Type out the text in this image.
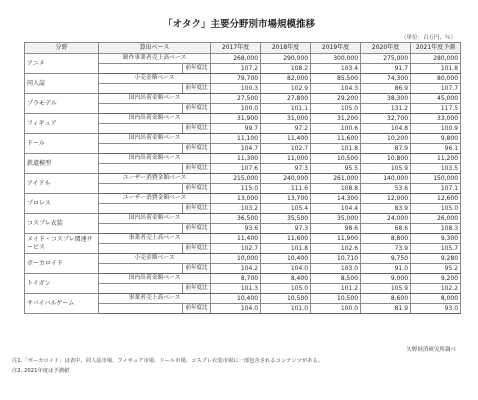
「オタク」主要分野別市場規模推移
（単位：百万円、％）
分野	算出ベース		2017年度	2018年度	2019年度	2020年度	2021年度予測
アニメ	制作事業者売上高ベース		268,000	290,000	300,000	275,000	280,000
		前年度比	107.2	108.2	103.4	91.7	101.8
同人誌	小売金額ベース		79,700	82,000	85,500	74,300	80,000
		前年度比	100.3	102.9	104.3	86.9	107.7
プラモデル	国内出荷金額ベース		27,500	27,800	29,200	38,300	45,000
		前年度比	100.0	101.1	105.0	131.2	117.5
フィギュア	国内出荷金額ベース		31,900	31,000	31,200	32,700	33,000
		前年度比	99.7	97.2	100.6	104.8	100.9
ドール	国内出荷金額ベース		11,100	11,400	11,600	10,200	9,800
		前年度比	104.7	102.7	101.8	87.9	96.1
鉄道模型	国内出荷金額ベース		11,300	11,000	10,500	10,800	11,200
		前年度比	107.6	97.3	95.5	105.9	103.5
アイドル	ユーザー消費金額ベース		215,000	240,000	261,000	140,000	150,000
		前年度比	115.0	111.6	108.8	53.6	107.1
プロレス	ユーザー消費金額ベース		13,000	13,700	14,300	12,000	12,600
		前年度比	103.2	105.4	104.4	83.9	105.0
コスプレ衣装	国内出荷金額ベース		36,500	35,500	35,000	24,000	26,000
		前年度比	93.6	97.3	98.6	68.6	108.3
メイド・コスプレ関連サービス	事業者売上高ベース		11,400	11,600	11,900	8,800	9,300
		前年度比	102.7	101.8	102.6	73.9	105.7
ボーカロイド	小売金額ベース		10,000	10,400	10,710	9,750	9,280
		前年度比	104.2	104.0	103.0	91.0	95.2
トイガン	国内出荷金額ベース		8,700	8,400	8,500	9,000	9,200
		前年度比	101.3	105.0	101.2	105.9	102.2
サバイバルゲーム	事業者売上高ベース		10,400	10,500	10,500	8,600	8,000
		前年度比	104.0	101.0	100.0	81.9	93.0
矢野経済研究所調べ
注1.「ボーカロイド」は表中、同人誌市場、フィギュア市場、ドール市場、コスプレ衣装市場に一部包含されるコンテンツがある。
注2. 2021年度は予測値
